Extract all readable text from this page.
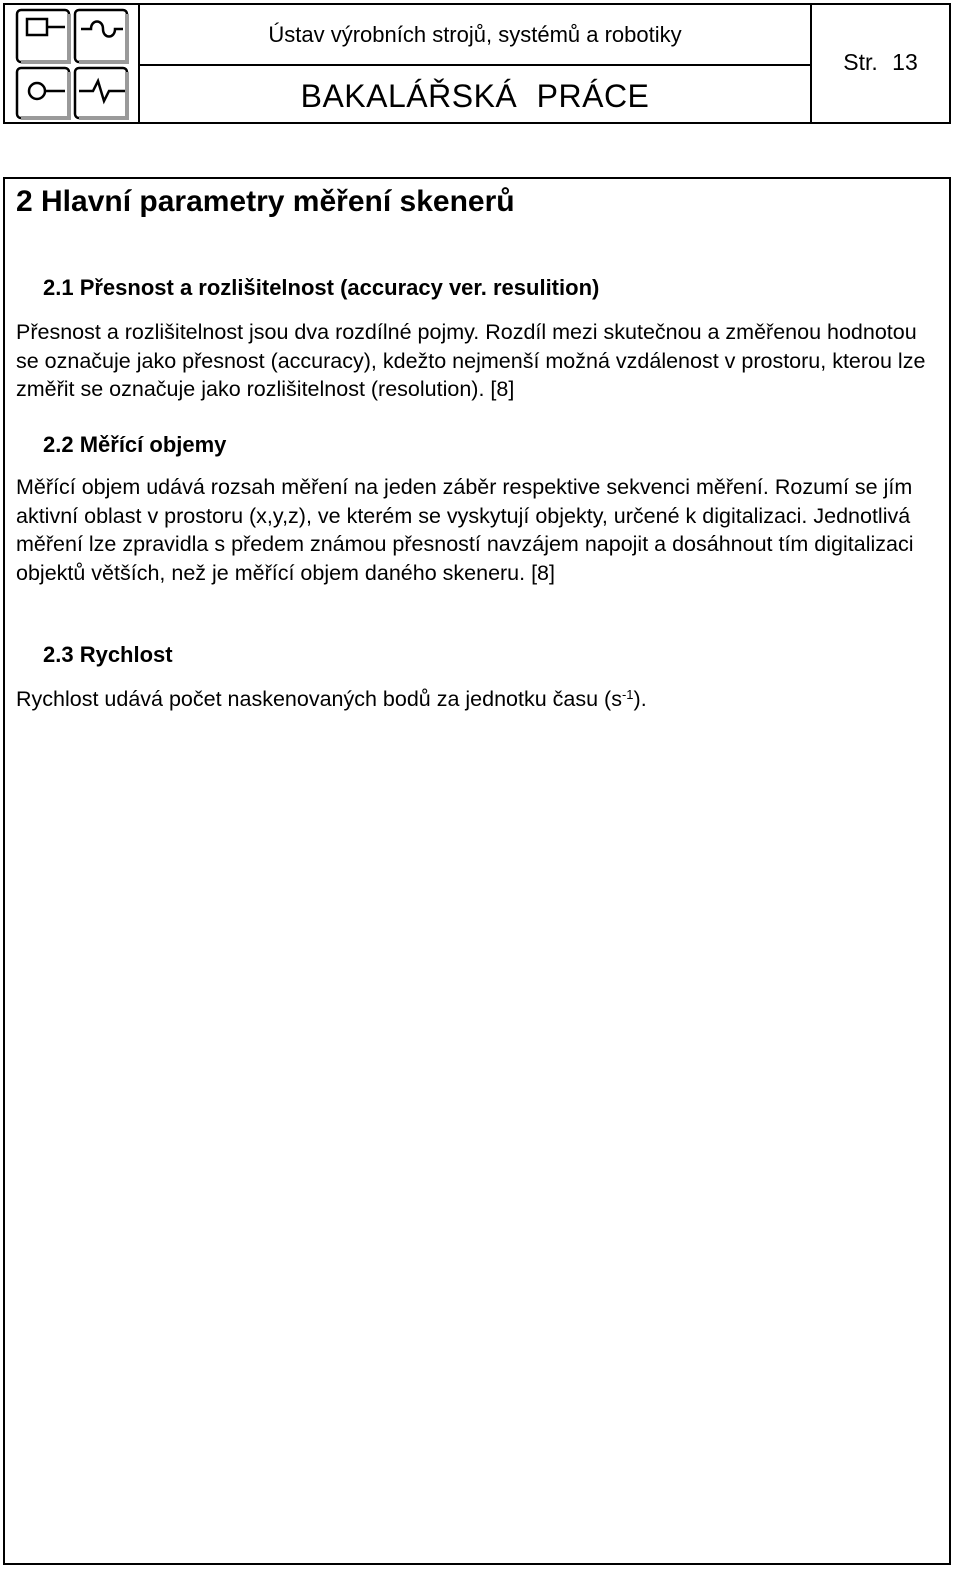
Ústav výrobních strojů, systémů a robotiky
BAKALÁŘSKÁ PRÁCE
Str. 13
2 Hlavní parametry měření skenerů
2.1 Přesnost a rozlišitelnost (accuracy ver. resulition)

Přesnost a rozlišitelnost jsou dva rozdílné pojmy. Rozdíl mezi skutečnou a změřenou hodnotou se označuje jako přesnost (accuracy), kdežto nejmenší možná vzdálenost v prostoru, kterou lze změřit se označuje jako rozlišitelnost (resolution). [8]

2.2 Měřící objemy

Měřící objem udává rozsah měření na jeden záběr respektive sekvenci měření. Rozumí se jím aktivní oblast v prostoru (x,y,z), ve kterém se vyskytují objekty, určené k digitalizaci. Jednotlivá měření lze zpravidla s předem známou přesností navzájem napojit a dosáhnout tím digitalizaci objektů větších, než je měřící objem daného skeneru. [8]

2.3 Rychlost

Rychlost udává počet naskenovaných bodů za jednotku času $(s^{-1})$.
